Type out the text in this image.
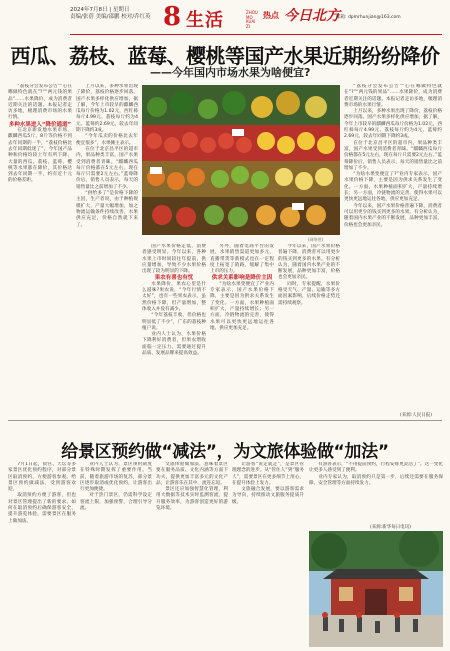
2024年7月8日 | 星期日
责编/张蓓 美编/邵鹏 校对/乔红英 8 生活	ZHOU MO KUAI ZI
热点 今日北方
邮箱: dpmrhunjian@163.com
西瓜、荔枝、蓝莓、樱桃等国产水果近期纷纷降价
——今年国内市场水果为啥便宜?

“荔枝分会发布公告”“心在哪做特色就在”?”“两元钱的果品”……水果降价，成为消费者近期关注的话题。本报记者走访多地，梳理消费市场的水果行情。

多种水果进入“降价通道”

在北京新发地水果市场，麒麟西瓜5斤、8斤等价格不到去年同期的一半，“荔枝价格比去年同期低迷了”。今年国产品种和价格均较上年有所下降，大量的西瓜、荔枝、蓝莓、樱桃等水果都在降价，其价格达到去年同期一半，约有近十元的价格差距。

上月以来，多种水果出现了降价，荔枝价格逐步回落。国产水果多样化供应增加，据了解，今年上市较早的麒麟西瓜每斤价格为1.02元，西红柿每斤4.99元、荔枝每斤约为4元、蓝莓约2.69元，较去年同期下降约3成。

“今年瓜卖的价格比去年便宜很多”，水果摊主表示。

在位于北京昌平区的超市内，果品种类丰富，国产水果受到消费者青睐。“麒麟西瓜每斤价格都在5元左右，现在每斤只需要2元左右。”蓝莓降价后，销售人员表示，每天的销售量比之前增加了不少。

“供给多了”是价格下降的主因，生产者说，由于种植规模扩大，产量大幅增加，加之物流运输条件持续改善，水果供应充足，价格自然就下来了。

(网络图)

国产水果价格走低，消费者感受明显。今年以来，各种水果上市时间较往年提前，供应量增加，导致不少水果价格出现了较为明显的下降。

果农有喜也有忧

水果降价，果农心里是什么滋味?果农说，“今年行情不太好”，也有一些果农表示，虽然价格下降，但产量增加，整体收入并没有减少。

“今年荔枝丰收，但价格也明显低了不少”，广东的荔枝种植户说。

业内人士认为，水果价格下降利好消费者，但果农增收面临一定压力，需要通过提升品质、发展品牌来提高效益。

另外，随着电商平台的发展，水果销售渠道更加多元，直播带货等新模式也在一定程度上拓宽了销路，缓解了集中上市的压力。

供求关系影响是降价主因

“为啥水果变便宜了?”业内专家表示，国产水果价格下降，主要是因为供求关系发生了变化。一方面，水果种植面积扩大，产量持续增长；另一方面，冷链物流的完善，使得水果可以更快更远地运往各地，供应更加充足。

今年以来，国产水果价格普遍下降，消费者可以用更少的钱买到更多的水果。有分析认为，随着国内水果产业的不断发展，品种更加丰富，价格也会更加亲民。

同时，专家提醒，水果价格受天气、产量、运输等多方面因素影响，后续价格走势还需持续观察。

“荔枝分会发布公告”“心在哪做特色就在”?”“两元钱的果品”……水果降价，成为消费者近期关注的话题。本报记者走访多地，梳理消费市场的水果行情。

上月以来，多种水果出现了降价，荔枝价格逐步回落。国产水果多样化供应增加，据了解，今年上市较早的麒麟西瓜每斤价格为1.02元，西红柿每斤4.99元、荔枝每斤约为4元、蓝莓约2.69元，较去年同期下降约3成。

在位于北京昌平区的超市内，果品种类丰富，国产水果受到消费者青睐。“麒麟西瓜每斤价格都在5元左右，现在每斤只需要2元左右。”蓝莓降价后，销售人员表示，每天的销售量比之前增加了不少。

“为啥水果变便宜了?”业内专家表示，国产水果价格下降，主要是因为供求关系发生了变化。一方面，水果种植面积扩大，产量持续增长；另一方面，冷链物流的完善，使得水果可以更快更远地运往各地，供应更加充足。

今年以来，国产水果价格普遍下降，消费者可以用更少的钱买到更多的水果。有分析认为，随着国内水果产业的不断发展，品种更加丰富，价格也会更加亲民。

(来源:人民日报)
给景区预约做“减法”，为文旅体验做“加法”

7月1日起，故宫、天坛等多家景区优化预约程序，对部分景区取消预约，方便游客参观。给景区预约做减法，受到游客欢迎。

取消预约方便了游客，但也对景区管理提出了新的要求。如何在取消预约后确保游客安全、提升游览体验，需要景区在服务上做加法。

业内人士认为，景区预约制度在特殊时期发挥了重要作用。当前，随着旅游市场的复苏，部分景区逐步取消或优化预约，让游客出行更加便捷。

对于热门景区，仍需科学设定客流上限，加强预警，合理引导分流。

文旅体验做加法，意味着景区要在服务品质、文化内涵等方面下功夫，提供更加丰富多元的文化产品，让游客乐在其中、流连忘返。

景区还应加强智慧化管理，利用大数据等技术实时监测客流，提升服务效率，为游客创造更好的游览环境。

让游客“说走就走”，是景区管理理念的进步。从“管住人”到“服务人”，需要景区在更多细节上用心，在提升体验上发力。

文旅融合发展，要以游客需求为导向，持续推动文旅服务提质升级。

有游客表示，“不用提前预约，行程安排更灵活了”。这一变化让更多人感受到了便利。

业内专家认为，取消预约只是第一步，后续还需要在服务保障、安全管理等方面持续发力。

(来源:新华每日电讯)
